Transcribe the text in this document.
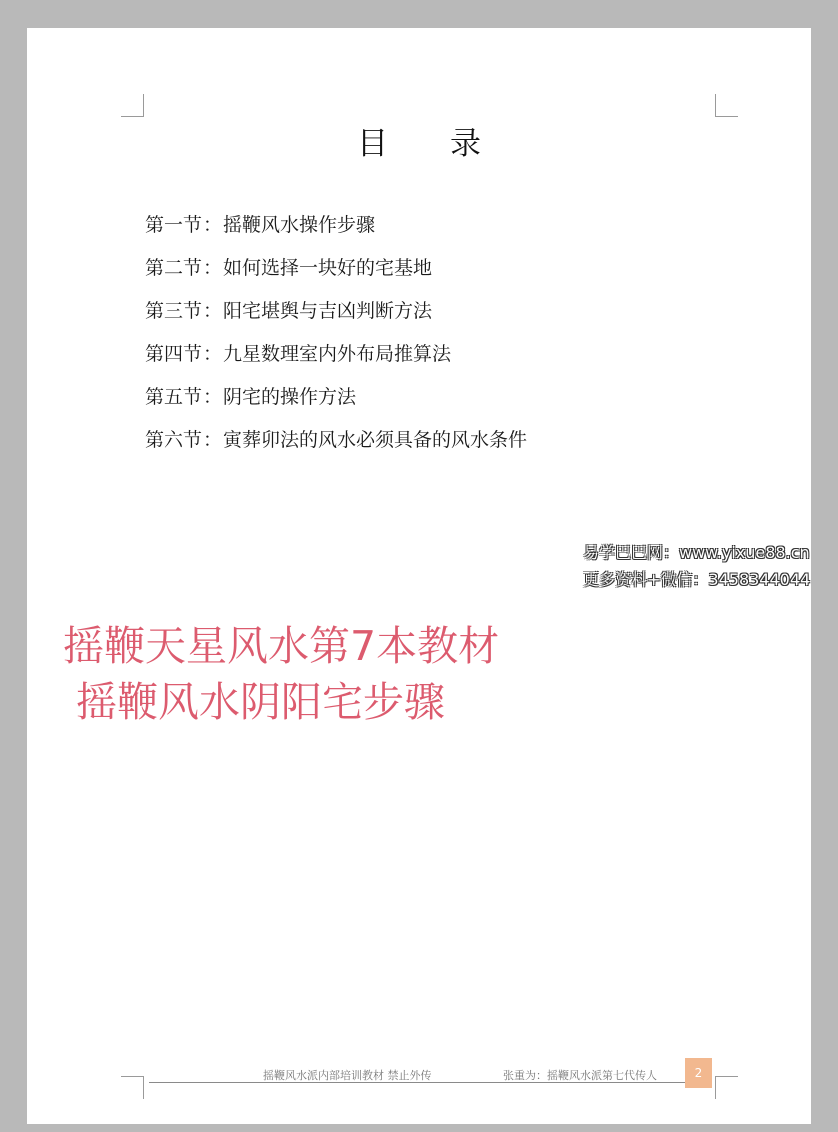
目录
第一节：摇鞭风水操作步骤
第二节：如何选择一块好的宅基地
第三节：阳宅堪舆与吉凶判断方法
第四节：九星数理室内外布局推算法
第五节：阴宅的操作方法
第六节：寅葬卯法的风水必须具备的风水条件
易学巴巴网：www.yixue88.cn
更多资料+微信：3458344044
摇鞭天星风水第7本教材
摇鞭风水阴阳宅步骤
摇鞭风水派内部培训教材 禁止外传	张重为：摇鞭风水派第七代传人	2
